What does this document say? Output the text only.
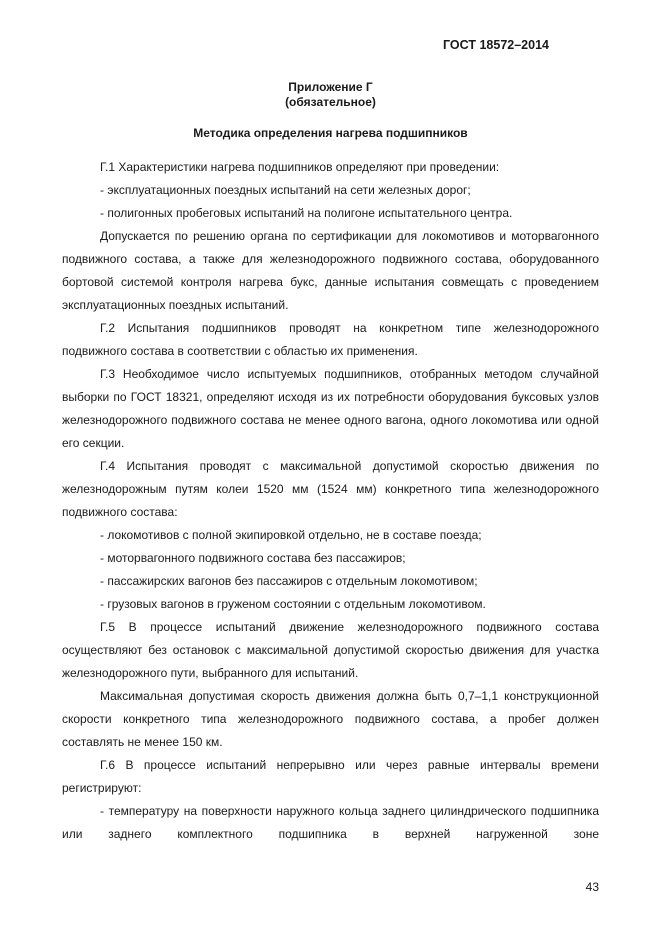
ГОСТ 18572–2014
Приложение Г
(обязательное)
Методика определения нагрева подшипников

Г.1 Характеристики нагрева подшипников определяют при проведении:

- эксплуатационных поездных испытаний на сети железных дорог;

- полигонных пробеговых испытаний на полигоне испытательного центра.

Допускается по решению органа по сертификации для локомотивов и моторвагонного подвижного состава, а также для железнодорожного подвижного состава, оборудованного бортовой системой контроля нагрева букс, данные испытания совмещать с проведением эксплуатационных поездных испытаний.

Г.2 Испытания подшипников проводят на конкретном типе железнодорожного подвижного состава в соответствии с областью их применения.

Г.3 Необходимое число испытуемых подшипников, отобранных методом случайной выборки по ГОСТ 18321, определяют исходя из их потребности оборудования буксовых узлов железнодорожного подвижного состава не менее одного вагона, одного локомотива или одной его секции.

Г.4 Испытания проводят с максимальной допустимой скоростью движения по железнодорожным путям колеи 1520 мм (1524 мм) конкретного типа железнодорожного подвижного состава:

- локомотивов с полной экипировкой отдельно, не в составе поезда;

- моторвагонного подвижного состава без пассажиров;

- пассажирских вагонов без пассажиров с отдельным локомотивом;

- грузовых вагонов в груженом состоянии с отдельным локомотивом.

Г.5 В процессе испытаний движение железнодорожного подвижного состава осуществляют без остановок с максимальной допустимой скоростью движения для участка железнодорожного пути, выбранного для испытаний.

Максимальная допустимая скорость движения должна быть 0,7–1,1 конструкционной скорости конкретного типа железнодорожного подвижного состава, а пробег должен составлять не менее 150 км.

Г.6 В процессе испытаний непрерывно или через равные интервалы времени регистрируют:

- температуру на поверхности наружного кольца заднего цилиндрического подшипника или заднего комплектного подшипника в верхней нагруженной зоне

43
